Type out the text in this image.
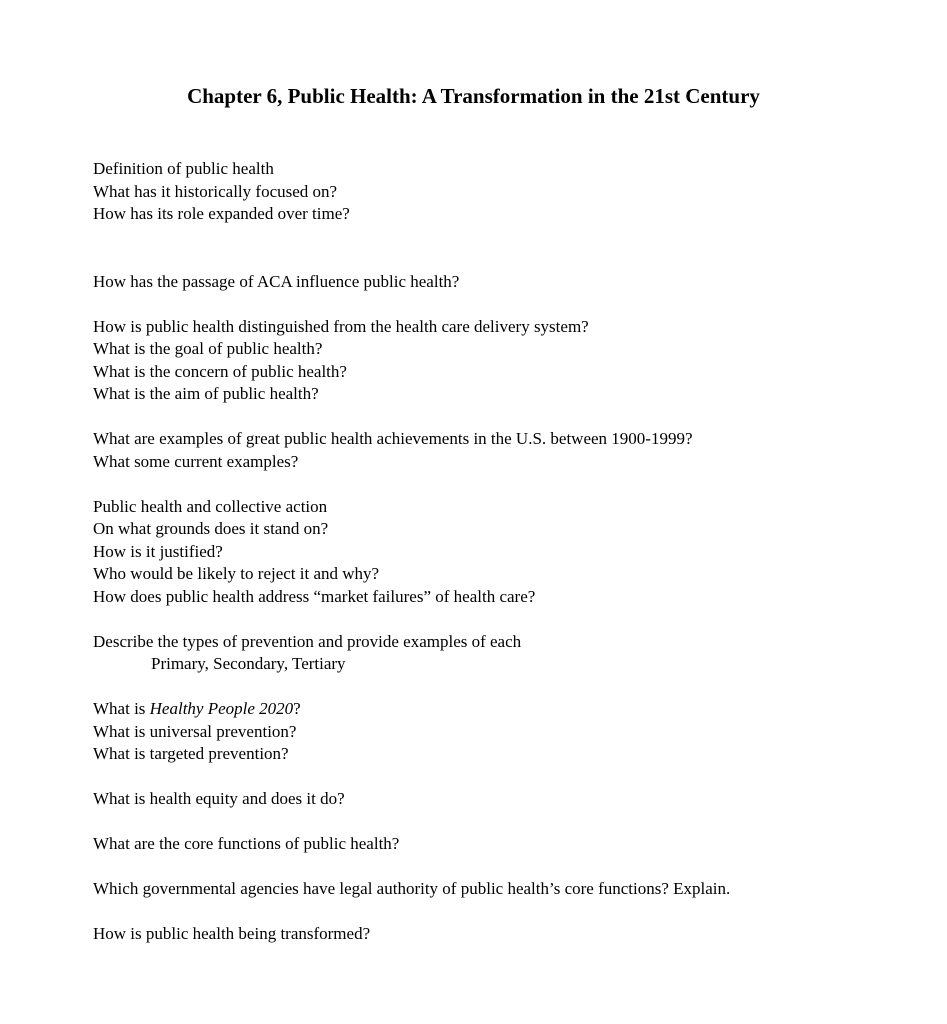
Chapter 6, Public Health: A Transformation in the 21st Century
Definition of public health
What has it historically focused on?
How has its role expanded over time?
How has the passage of ACA influence public health?
How is public health distinguished from the health care delivery system?
What is the goal of public health?
What is the concern of public health?
What is the aim of public health?
What are examples of great public health achievements in the U.S. between 1900-1999?
What some current examples?
Public health and collective action
On what grounds does it stand on?
How is it justified?
Who would be likely to reject it and why?
How does public health address “market failures” of health care?
Describe the types of prevention and provide examples of each
Primary, Secondary, Tertiary
What is Healthy People 2020?
What is universal prevention?
What is targeted prevention?
What is health equity and does it do?
What are the core functions of public health?
Which governmental agencies have legal authority of public health’s core functions? Explain.
How is public health being transformed?
